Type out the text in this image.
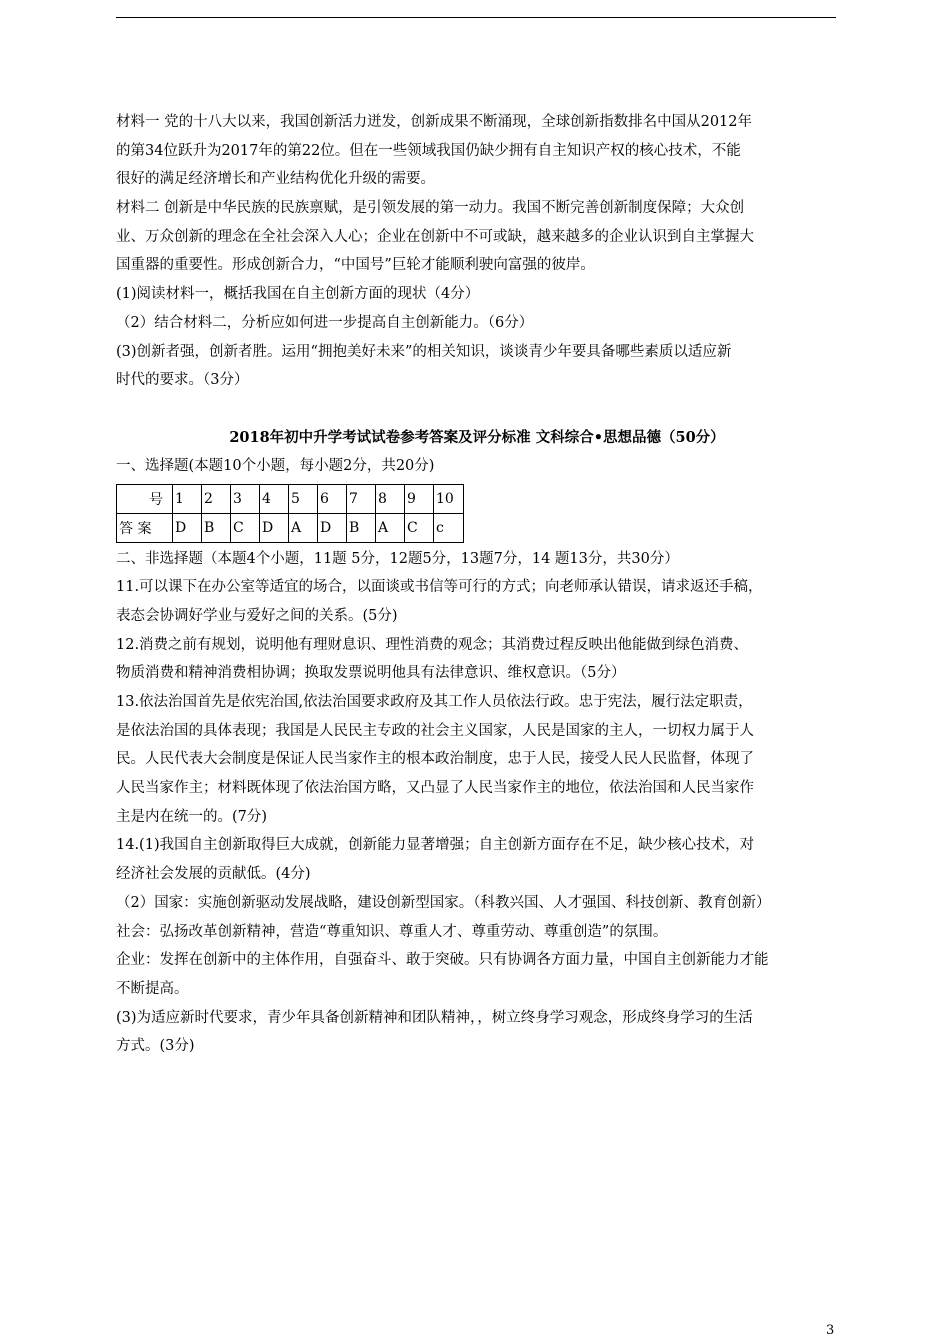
材料一 党的十八大以来，我国创新活力迸发，创新成果不断涌现，全球创新指数排名中国从2012年
的第34位跃升为2017年的第22位。但在一些领域我国仍缺少拥有自主知识产权的核心技术，不能
很好的满足经济增长和产业结构优化升级的需要。
材料二 创新是中华民族的民族禀赋，是引领发展的第一动力。我国不断完善创新制度保障；大众创
业、万众创新的理念在全社会深入人心；企业在创新中不可或缺，越来越多的企业认识到自主掌握大
国重器的重要性。形成创新合力，“中国号”巨轮才能顺利驶向富强的彼岸。
(1)阅读材料一，概括我国在自主创新方面的现状（4分）
（2）结合材料二，分析应如何进一步提高自主创新能力。（6分）
(3)创新者强，创新者胜。运用“拥抱美好未来”的相关知识，谈谈青少年要具备哪些素质以适应新
时代的要求。（3分）
2018年初中升学考试试卷参考答案及评分标准 文科综合•思想品德（50分）
一、选择题(本题10个小题，每小题2分，共20分)
号	1	2	3	4	5	6	7	8	9	10
答 案	D	B	C	D	A	D	B	A	C	c
二、非选择题（本题4个小题，11题 5分，12题5分，13题7分，14 题13分，共30分）
11.可以课下在办公室等适宜的场合，以面谈或书信等可行的方式；向老师承认错误，请求返还手稿，
表态会协调好学业与爱好之间的关系。(5分)
12.消费之前有规划，说明他有理财息识、理性消费的观念；其消费过程反映出他能做到绿色消费、
物质消费和精神消费相协调；换取发票说明他具有法律意识、维权意识。（5分）
13.依法治国首先是依宪治国,依法治国要求政府及其工作人员依法行政。忠于宪法，履行法定职责，
是依法治国的具体表现；我国是人民民主专政的社会主义国家，人民是国家的主人，一切权力属于人
民。人民代表大会制度是保证人民当家作主的根本政治制度，忠于人民，接受人民人民监督，体现了
人民当家作主；材料既体现了依法治国方略，又凸显了人民当家作主的地位，依法治国和人民当家作
主是内在统一的。(7分)
14.(1)我国自主创新取得巨大成就，创新能力显著增强；自主创新方面存在不足，缺少核心技术，对
经济社会发展的贡献低。(4分)
（2）国家：实施创新驱动发展战略，建设创新型国家。（科教兴国、人才强国、科技创新、教育创新）
社会：弘扬改革创新精神，营造“尊重知识、尊重人才、尊重劳动、尊重创造”的氛围。
企业：发挥在创新中的主体作用，自强奋斗、敢于突破。只有协调各方面力量，中国自主创新能力才能
不断提高。
(3)为适应新时代要求，青少年具备创新精神和团队精神，，树立终身学习观念，形成终身学习的生活
方式。(3分)
3
